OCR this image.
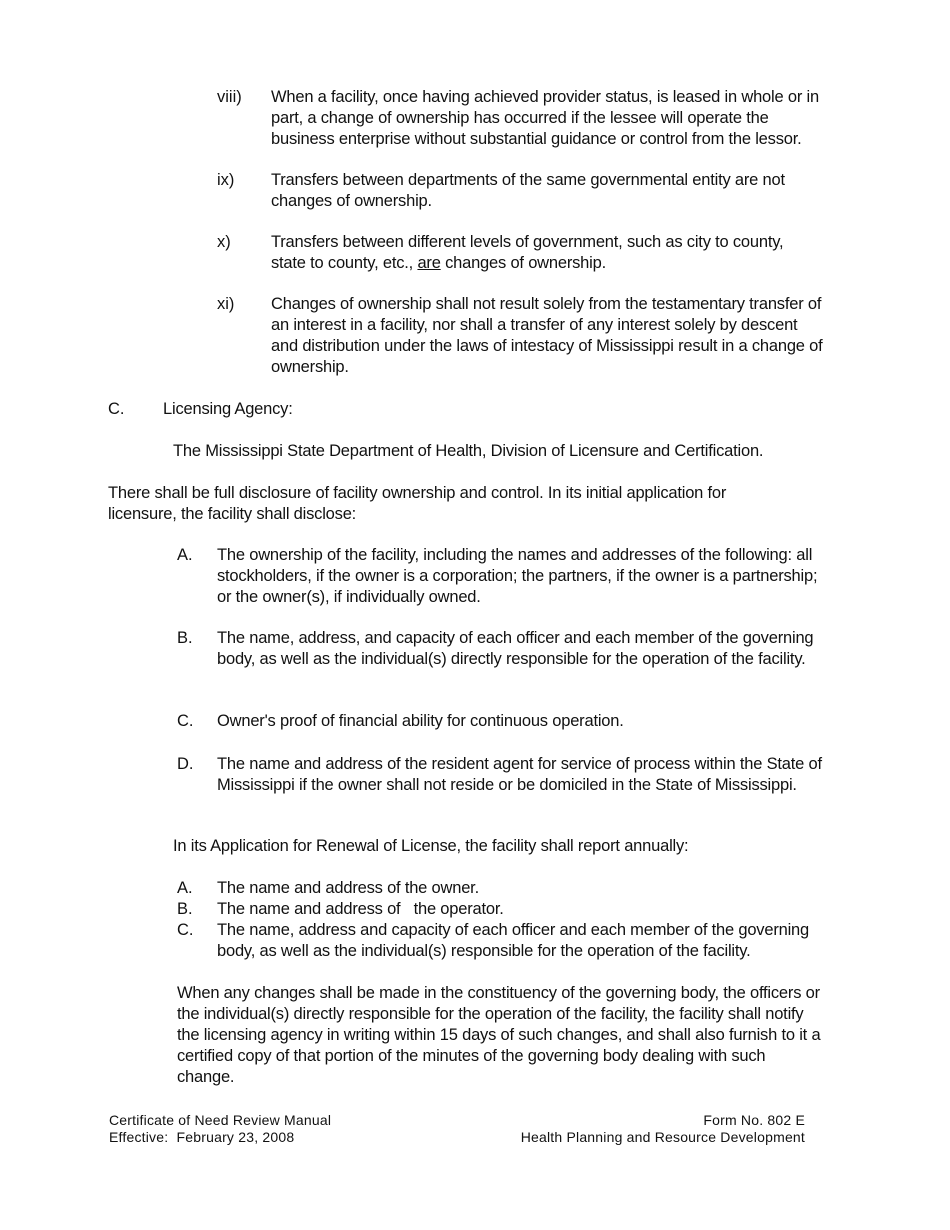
viii) When a facility, once having achieved provider status, is leased in whole or in part, a change of ownership has occurred if the lessee will operate the business enterprise without substantial guidance or control from the lessor.
ix) Transfers between departments of the same governmental entity are not changes of ownership.
x) Transfers between different levels of government, such as city to county, state to county, etc., are changes of ownership.
xi) Changes of ownership shall not result solely from the testamentary transfer of an interest in a facility, nor shall a transfer of any interest solely by descent and distribution under the laws of intestacy of Mississippi result in a change of ownership.
C. Licensing Agency:
The Mississippi State Department of Health, Division of Licensure and Certification.
There shall be full disclosure of facility ownership and control. In its initial application for licensure, the facility shall disclose:
A. The ownership of the facility, including the names and addresses of the following: all stockholders, if the owner is a corporation; the partners, if the owner is a partnership; or the owner(s), if individually owned.
B. The name, address, and capacity of each officer and each member of the governing body, as well as the individual(s) directly responsible for the operation of the facility.
C. Owner's proof of financial ability for continuous operation.
D. The name and address of the resident agent for service of process within the State of Mississippi if the owner shall not reside or be domiciled in the State of Mississippi.
In its Application for Renewal of License, the facility shall report annually:
A. The name and address of the owner.
B. The name and address of   the operator.
C. The name, address and capacity of each officer and each member of the governing body, as well as the individual(s) responsible for the operation of the facility.
When any changes shall be made in the constituency of the governing body, the officers or the individual(s) directly responsible for the operation of the facility, the facility shall notify the licensing agency in writing within 15 days of such changes, and shall also furnish to it a certified copy of that portion of the minutes of the governing body dealing with such change.
Certificate of Need Review Manual
Effective:  February 23, 2008
Form No. 802 E
Health Planning and Resource Development
